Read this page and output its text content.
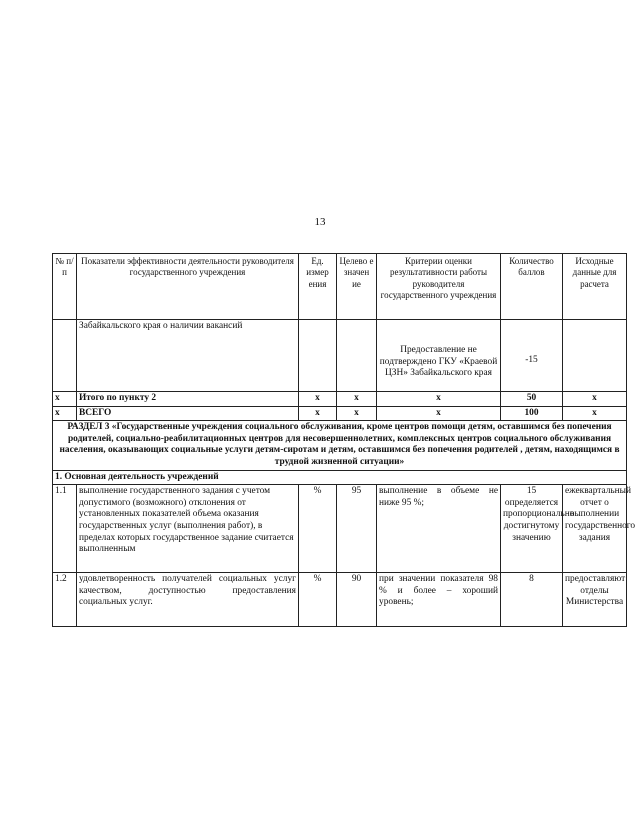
13
№ п/п	Показатели эффективности деятельности руководителя государственного учреждения	Ед. измер ения	Целево е значен ие	Критерии оценки результативности работы руководителя государственного учреждения	Количество баллов	Исходные данные для расчета
	Забайкальского края о наличии вакансий			Предоставление не подтверждено ГКУ «Краевой ЦЗН» Забайкальского края	-15	
х	Итого по пункту 2	х	х	х	50	х
х	ВСЕГО	х	х	х	100	х
РАЗДЕЛ 3 «Государственные учреждения социального обслуживания, кроме центров помощи детям, оставшимся без попечения родителей, социально-реабилитационных центров для несовершеннолетних, комплексных центров социального обслуживания населения, оказывающих социальные услуги детям-сиротам и детям, оставшимся без попечения родителей , детям, находящимся в трудной жизненной ситуации»						
1. Основная деятельность учреждений						
1.1	выполнение государственного задания с учетом допустимого (возможного) отклонения от установленных показателей объема оказания государственных услуг (выполнения работ), в пределах которых государственное задание считается выполненным	%	95	выполнение в объеме не ниже 95 %;	15 определяется пропорционально достигнутому значению	ежеквартальный отчет о выполнении государственного задания
1.2	удовлетворенность получателей социальных услуг качеством, доступностью предоставления социальных услуг.	%	90	при значении показателя 98 % и более – хороший уровень;	8	предоставляют отделы Министерства
